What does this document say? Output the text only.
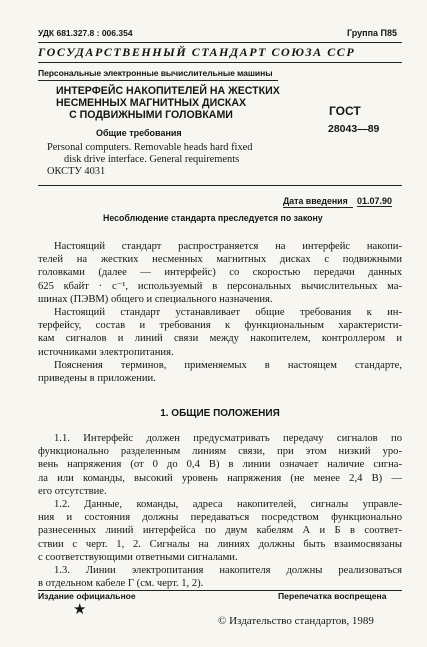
УДК 681.327.8 : 006.354	Группа П85
ГОСУДАРСТВЕННЫЙ СТАНДАРТ СОЮЗА ССР
Персональные электронные вычислительные машины
ИНТЕРФЕЙС НАКОПИТЕЛЕЙ НА ЖЕСТКИХ
НЕСМЕННЫХ МАГНИТНЫХ ДИСКАХ
С ПОДВИЖНЫМИ ГОЛОВКАМИ
Общие требования
ГОСТ
28043—89
Personal computers. Removable heads hard fixed
disk drive interface. General requirements
ОКСТУ 4031
Дата введения 01.07.90
Несоблюдение стандарта преследуется по закону
Настоящий стандарт распространяется на интерфейс накопи-
телей на жестких несменных магнитных дисках с подвижными
головками (далее — интерфейс) со скоростью передачи данных
625 кбайт · с⁻¹, используемый в персональных вычислительных ма-
шинах (ПЭВМ) общего и специального назначения.
Настоящий стандарт устанавливает общие требования к ин-
терфейсу, состав и требования к функциональным характеристи-
кам сигналов и линий связи между накопителем, контроллером и
источниками электропитания.
Пояснения терминов, применяемых в настоящем стандарте,
приведены в приложении.
1. ОБЩИЕ ПОЛОЖЕНИЯ
1.1. Интерфейс должен предусматривать передачу сигналов по
функционально разделенным линиям связи, при этом низкий уро-
вень напряжения (от 0 до 0,4 В) в линии означает наличие сигна-
ла или команды, высокий уровень напряжения (не менее 2,4 В) —
его отсутствие.
1.2. Данные, команды, адреса накопителей, сигналы управле-
ния и состояния должны передаваться посредством функционально
разнесенных линий интерфейса по двум кабелям А и Б в соответ-
ствии с черт. 1, 2. Сигналы на линиях должны быть взаимосвязаны
с соответствующими ответными сигналами.
1.3. Линии электропитания накопителя должны реализоваться
в отдельном кабеле Г (см. черт. 1, 2).
Издание официальное	Перепечатка воспрещена
★
© Издательство стандартов, 1989
